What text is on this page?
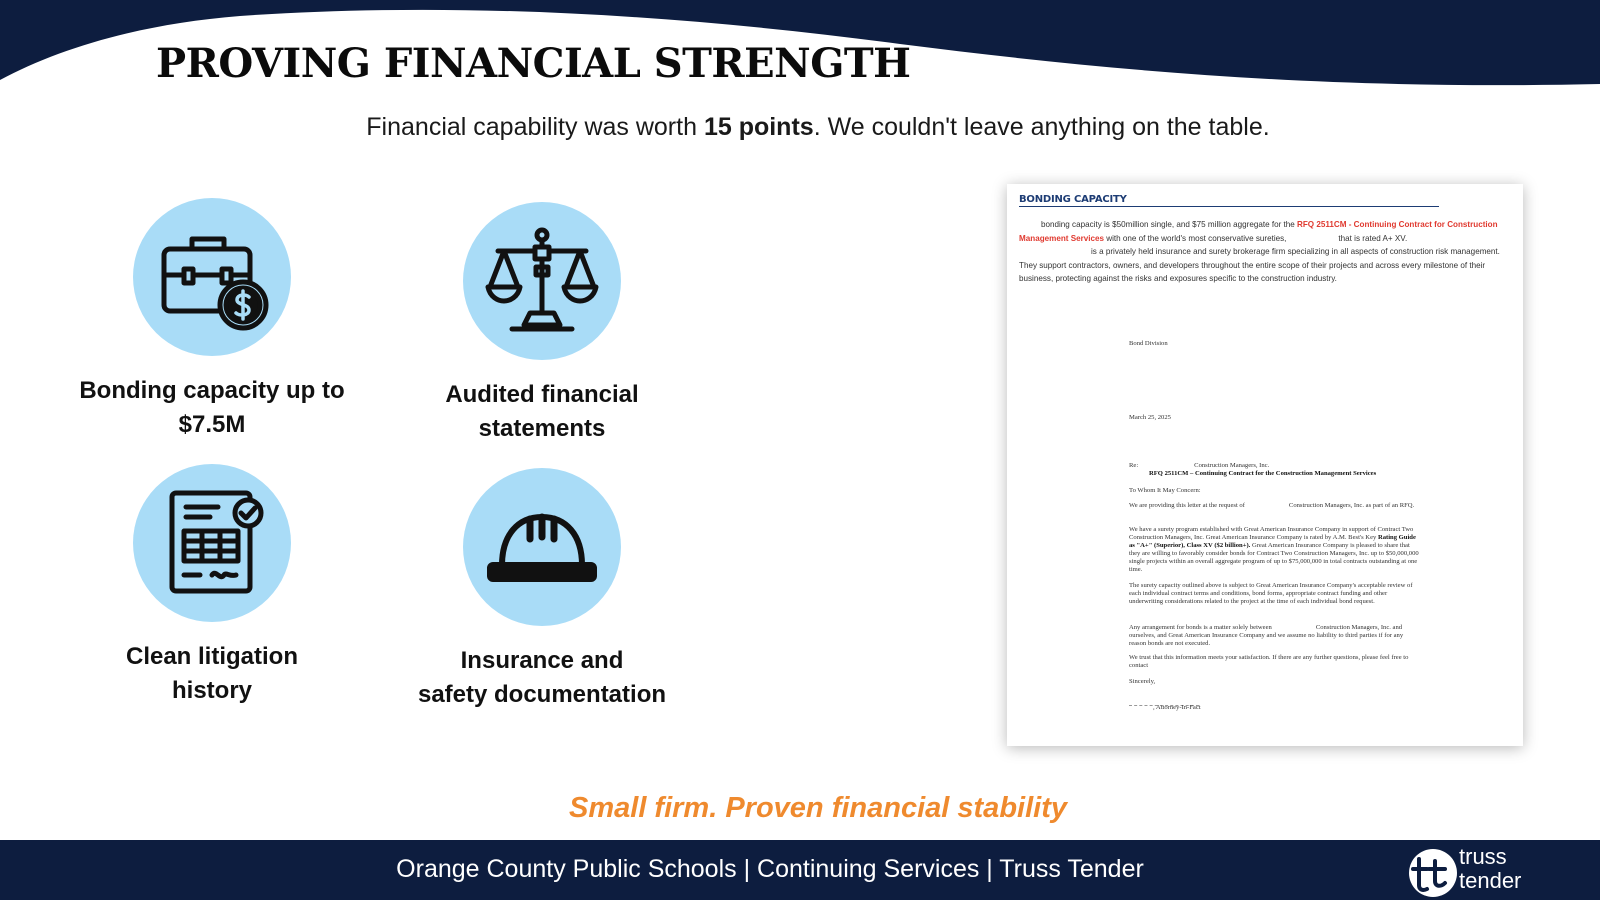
PROVING FINANCIAL STRENGTH
Financial capability was worth 15 points. We couldn't leave anything on the table.
Bonding capacity up to
$7.5M
Audited financial
statements
Clean litigation
history
Insurance and
safety documentation
BONDING CAPACITY
bonding capacity is $50million single, and $75 million aggregate for the RFQ 2511CM - Continuing Contract for Construction Management Services with one of the world's most conservative sureties,	that is rated A+ XV.
is a privately held insurance and surety brokerage firm specializing in all aspects of construction risk management. They support contractors, owners, and developers throughout the entire scope of their projects and across every milestone of their business, protecting against the risks and exposures specific to the construction industry.
Bond Division
March 25, 2025
Re:	Construction Managers, Inc.
RFQ 2511CM – Continuing Contract for the Construction Management Services
To Whom It May Concern:
We are providing this letter at the request of	Construction Managers, Inc. as part of an RFQ.
We have a surety program established with Great American Insurance Company in support of Contract Two Construction Managers, Inc. Great American Insurance Company is rated by A.M. Best's Key Rating Guide as "A+" (Superior), Class XV ($2 billion+). Great American Insurance Company is pleased to share that they are willing to favorably consider bonds for Contract Two Construction Managers, Inc. up to $50,000,000 single projects within an overall aggregate program of up to $75,000,000 in total contracts outstanding at one time.
The surety capacity outlined above is subject to Great American Insurance Company's acceptable review of each individual contract terms and conditions, bond forms, appropriate contract funding and other underwriting considerations related to the project at the time of each individual bond request.
Any arrangement for bonds is a matter solely between	Construction Managers, Inc. and ourselves, and Great American Insurance Company and we assume no liability to third parties if for any reason bonds are not executed.
We trust that this information meets your satisfaction. If there are any further questions, please feel free to contact
Sincerely,
, Attorney-In-Fact
Small firm. Proven financial stability
Orange County Public Schools | Continuing Services | Truss Tender	truss
tender
